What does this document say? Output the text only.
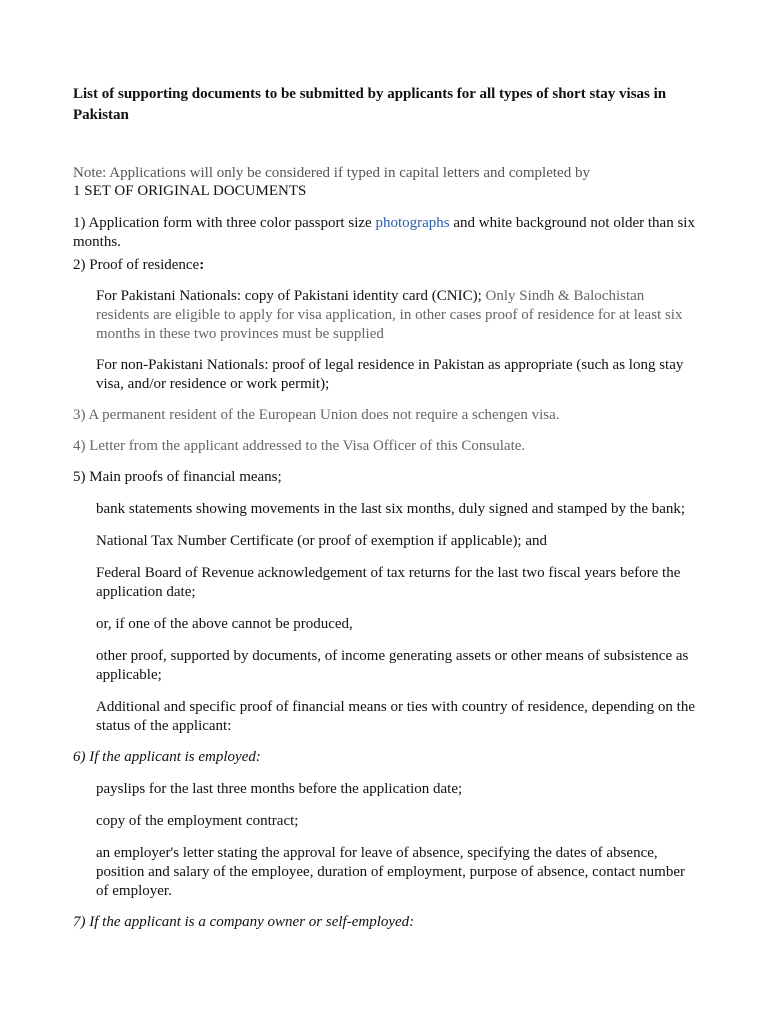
List of supporting documents to be submitted by applicants for all types of short stay visas in Pakistan

Note: Applications will only be considered if typed in capital letters and completed by
1 SET OF ORIGINAL DOCUMENTS

1) Application form with three color passport size photographs and white background not older than six months.

2) Proof of residence:

For Pakistani Nationals: copy of Pakistani identity card (CNIC); Only Sindh & Balochistan residents are eligible to apply for visa application, in other cases proof of residence for at least six months in these two provinces must be supplied

For non-Pakistani Nationals: proof of legal residence in Pakistan as appropriate (such as long stay visa, and/or residence or work permit);

3) A permanent resident of the European Union does not require a schengen visa.

4) Letter from the applicant addressed to the Visa Officer of this Consulate.

5) Main proofs of financial means;

bank statements showing movements in the last six months, duly signed and stamped by the bank;

National Tax Number Certificate (or proof of exemption if applicable); and

Federal Board of Revenue acknowledgement of tax returns for the last two fiscal years before the application date;

or, if one of the above cannot be produced,

other proof, supported by documents, of income generating assets or other means of subsistence as applicable;

Additional and specific proof of financial means or ties with country of residence, depending on the status of the applicant:

6) If the applicant is employed:

payslips for the last three months before the application date;

copy of the employment contract;

an employer's letter stating the approval for leave of absence, specifying the dates of absence, position and salary of the employee, duration of employment, purpose of absence, contact number of employer.

7) If the applicant is a company owner or self-employed:
